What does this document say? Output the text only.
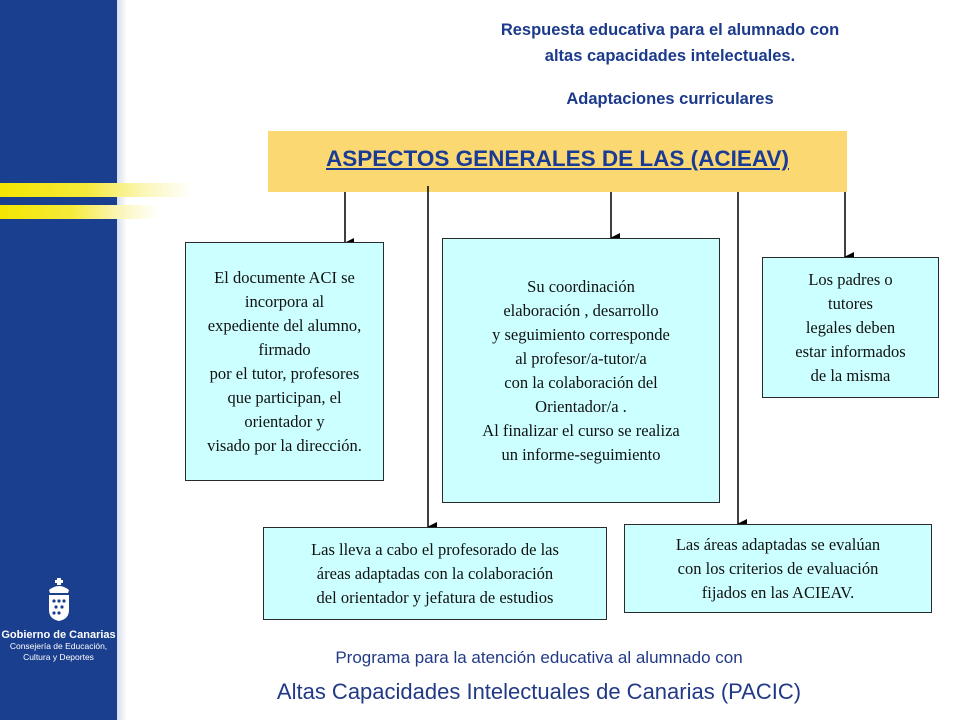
Gobierno de Canarias
Consejería de Educación,
Cultura y Deportes
Respuesta educativa para el alumnado con
altas capacidades intelectuales.
Adaptaciones curriculares
ASPECTOS GENERALES DE LAS (ACIEAV)
El documente ACI se
incorpora al
expediente del alumno,
firmado
por el tutor, profesores
que participan, el
orientador y
visado por la dirección.
Su coordinación
elaboración , desarrollo
y seguimiento corresponde
al profesor/a-tutor/a
con la colaboración del
Orientador/a .
Al finalizar el curso se realiza
un informe-seguimiento
Los padres o
tutores
legales deben
estar informados
de la misma
Las lleva a cabo el profesorado de las
áreas adaptadas con la colaboración
del orientador y jefatura de estudios
Las áreas adaptadas se evalúan
con los criterios de evaluación
fijados en las ACIEAV.
Programa para la atención educativa al alumnado con
Altas Capacidades Intelectuales de Canarias (PACIC)
